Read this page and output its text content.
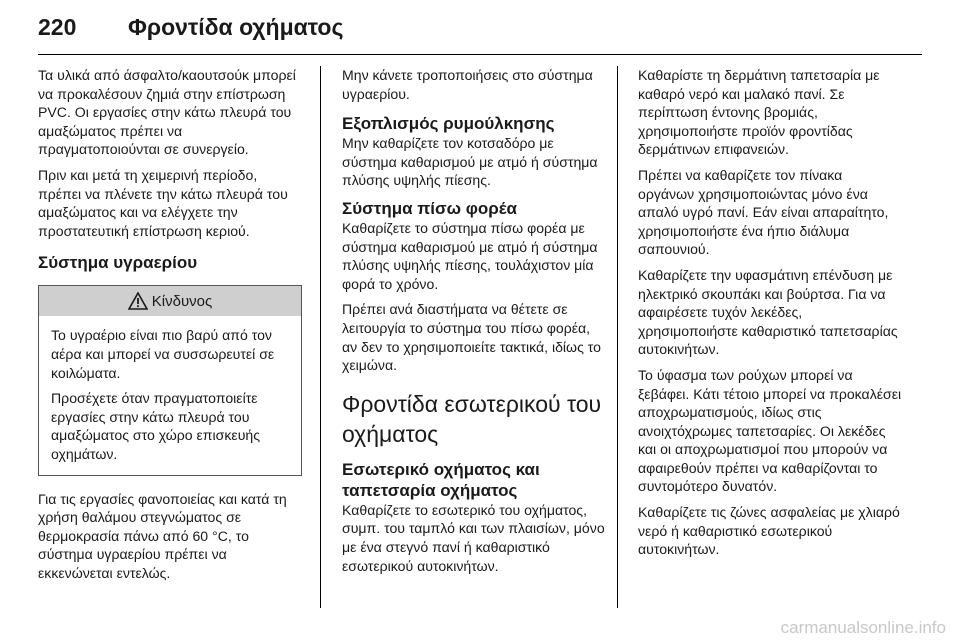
220	Φροντίδα οχήματος

Τα υλικά από άσφαλτο/καουτσούκ μπορεί να προκαλέσουν ζημιά στην επίστρωση PVC. Οι εργασίες στην κάτω πλευρά του αμαξώματος πρέπει να πραγματοποιούνται σε συνεργείο.

Πριν και μετά τη χειμερινή περίοδο, πρέπει να πλένετε την κάτω πλευρά του αμαξώματος και να ελέγχετε την προστατευτική επίστρωση κεριού.

Σύστημα υγραερίου
Κίνδυνος

Το υγραέριο είναι πιο βαρύ από τον αέρα και μπορεί να συσσωρευτεί σε κοιλώματα.

Προσέχετε όταν πραγματοποιείτε εργασίες στην κάτω πλευρά του αμαξώματος στο χώρο επισκευής οχημάτων.

Για τις εργασίες φανοποιείας και κατά τη χρήση θαλάμου στεγνώματος σε θερμοκρασία πάνω από 60 °C, το σύστημα υγραερίου πρέπει να εκκενώνεται εντελώς.

Μην κάνετε τροποποιήσεις στο σύστημα υγραερίου.

Εξοπλισμός ρυμούλκησης

Μην καθαρίζετε τον κοτσαδόρο με σύστημα καθαρισμού με ατμό ή σύστημα πλύσης υψηλής πίεσης.

Σύστημα πίσω φορέα

Καθαρίζετε το σύστημα πίσω φορέα με σύστημα καθαρισμού με ατμό ή σύστημα πλύσης υψηλής πίεσης, τουλάχιστον μία φορά το χρόνο.

Πρέπει ανά διαστήματα να θέτετε σε λειτουργία το σύστημα του πίσω φορέα, αν δεν το χρησιμοποιείτε τακτικά, ιδίως το χειμώνα.

Φροντίδα εσωτερικού του οχήματος
Εσωτερικό οχήματος και ταπετσαρία οχήματος

Καθαρίζετε το εσωτερικό του οχήματος, συμπ. του ταμπλό και των πλαισίων, μόνο με ένα στεγνό πανί ή καθαριστικό εσωτερικού αυτοκινήτων.

Καθαρίστε τη δερμάτινη ταπετσαρία με καθαρό νερό και μαλακό πανί. Σε περίπτωση έντονης βρομιάς, χρησιμοποιήστε προϊόν φροντίδας δερμάτινων επιφανειών.

Πρέπει να καθαρίζετε τον πίνακα οργάνων χρησιμοποιώντας μόνο ένα απαλό υγρό πανί. Εάν είναι απαραίτητο, χρησιμοποιήστε ένα ήπιο διάλυμα σαπουνιού.

Καθαρίζετε την υφασμάτινη επένδυση με ηλεκτρικό σκουπάκι και βούρτσα. Για να αφαιρέσετε τυχόν λεκέδες, χρησιμοποιήστε καθαριστικό ταπετσαρίας αυτοκινήτων.

Το ύφασμα των ρούχων μπορεί να ξεβάφει. Κάτι τέτοιο μπορεί να προκαλέσει αποχρωματισμούς, ιδίως στις ανοιχτόχρωμες ταπετσαρίες. Οι λεκέδες και οι αποχρωματισμοί που μπορούν να αφαιρεθούν πρέπει να καθαρίζονται το συντομότερο δυνατόν.

Καθαρίζετε τις ζώνες ασφαλείας με χλιαρό νερό ή καθαριστικό εσωτερικού αυτοκινήτων.

carmanualsonline.info
